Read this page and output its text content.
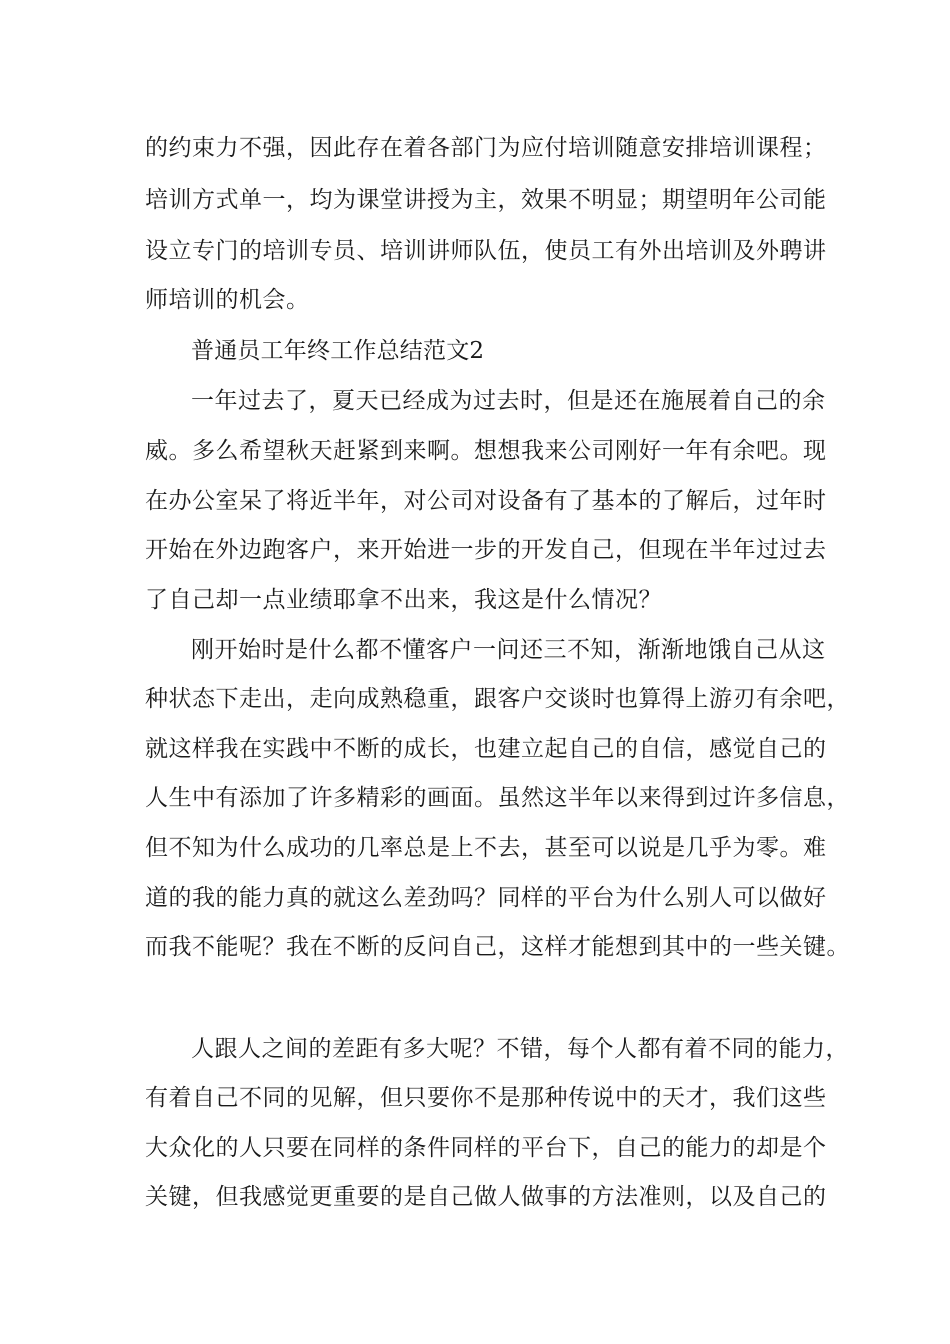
的约束力不强，因此存在着各部门为应付培训随意安排培训课程；
培训方式单一，均为课堂讲授为主，效果不明显；期望明年公司能
设立专门的培训专员、培训讲师队伍，使员工有外出培训及外聘讲
师培训的机会。
普通员工年终工作总结范文2
一年过去了，夏天已经成为过去时，但是还在施展着自己的余
威。多么希望秋天赶紧到来啊。想想我来公司刚好一年有余吧。现
在办公室呆了将近半年，对公司对设备有了基本的了解后，过年时
开始在外边跑客户，来开始进一步的开发自己，但现在半年过过去
了自己却一点业绩耶拿不出来，我这是什么情况？
刚开始时是什么都不懂客户一问还三不知，渐渐地饿自己从这
种状态下走出，走向成熟稳重，跟客户交谈时也算得上游刃有余吧，
就这样我在实践中不断的成长，也建立起自己的自信，感觉自己的
人生中有添加了许多精彩的画面。虽然这半年以来得到过许多信息，
但不知为什么成功的几率总是上不去，甚至可以说是几乎为零。难
道的我的能力真的就这么差劲吗？同样的平台为什么别人可以做好
而我不能呢？我在不断的反问自己，这样才能想到其中的一些关键。
人跟人之间的差距有多大呢？不错，每个人都有着不同的能力，
有着自己不同的见解，但只要你不是那种传说中的天才，我们这些
大众化的人只要在同样的条件同样的平台下，自己的能力的却是个
关键，但我感觉更重要的是自己做人做事的方法准则，以及自己的
